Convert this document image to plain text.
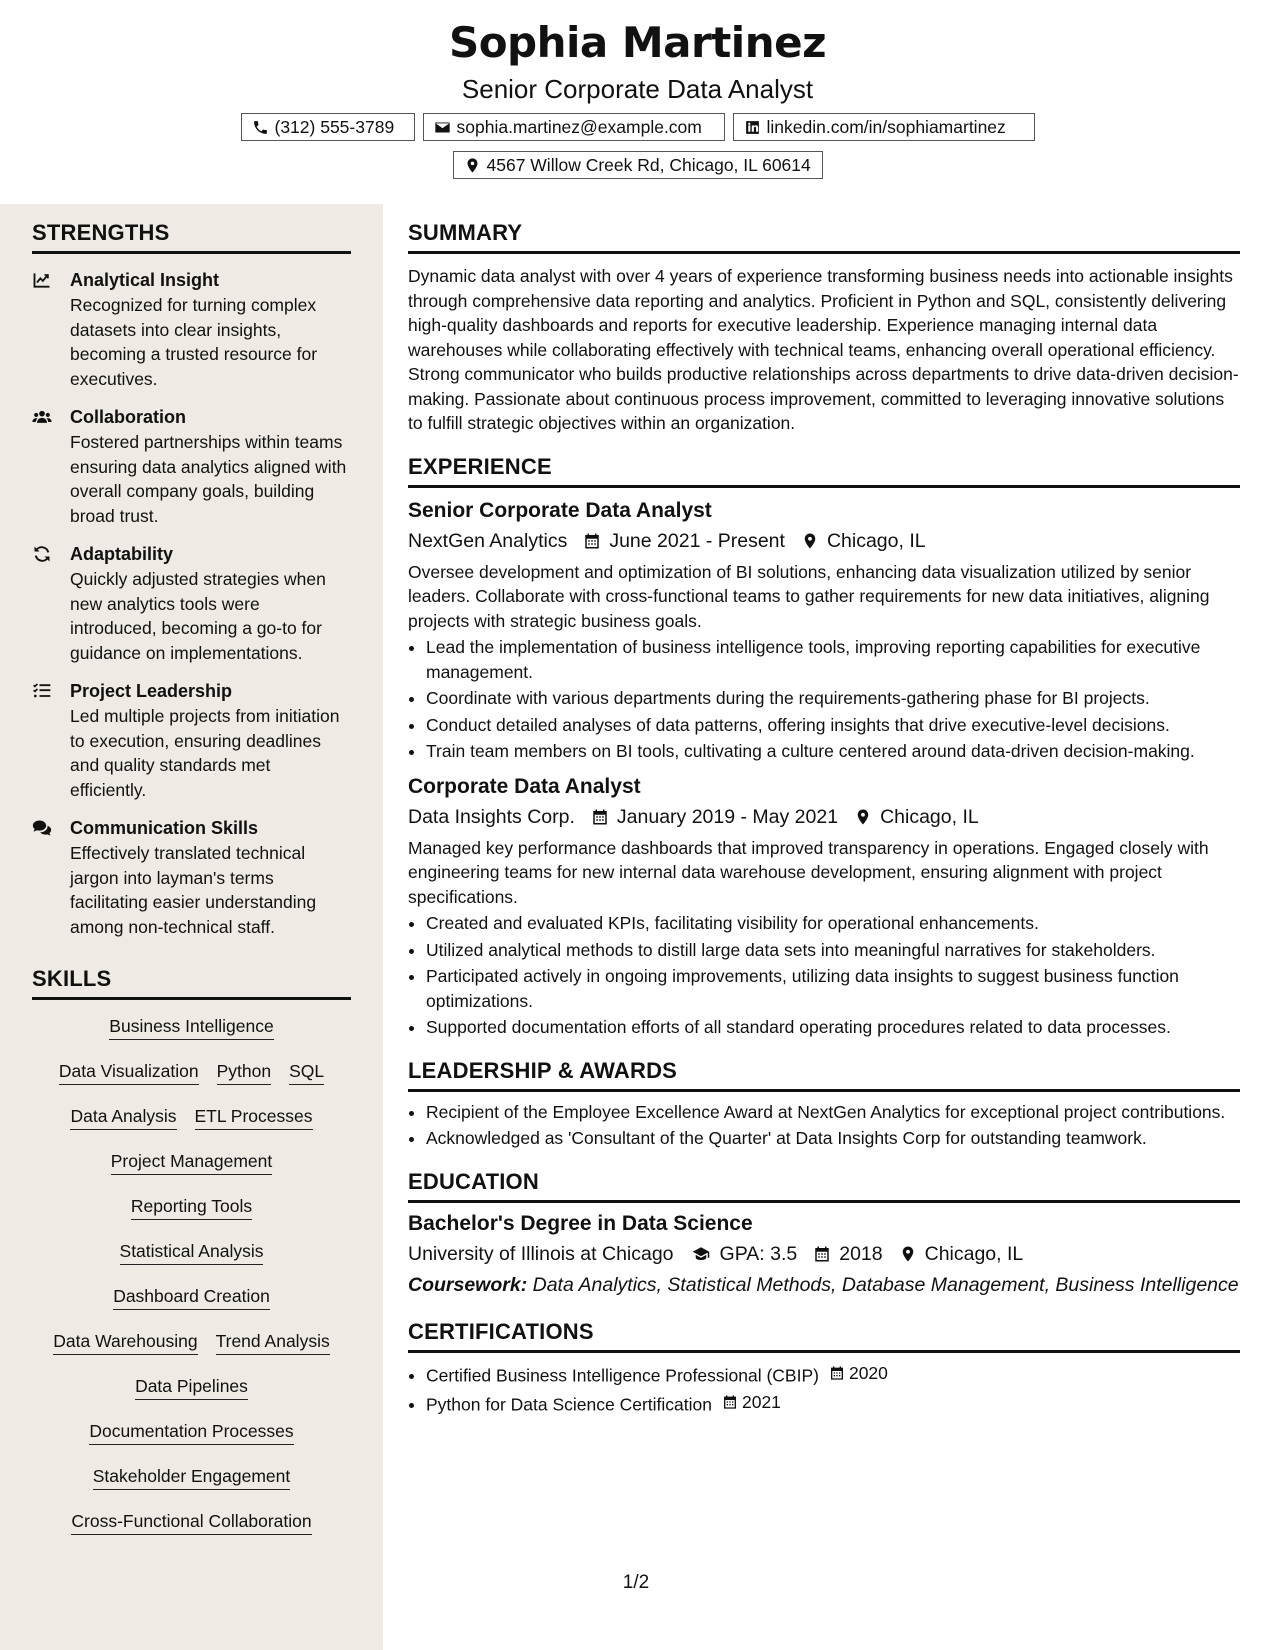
Sophia Martinez
Senior Corporate Data Analyst
(312) 555-3789	sophia.martinez@example.com	linkedin.com/in/sophiamartinez
4567 Willow Creek Rd, Chicago, IL 60614
STRENGTHS
Analytical Insight
Recognized for turning complex datasets into clear insights, becoming a trusted resource for executives.
Collaboration
Fostered partnerships within teams ensuring data analytics aligned with overall company goals, building broad trust.
Adaptability
Quickly adjusted strategies when new analytics tools were introduced, becoming a go-to for guidance on implementations.
Project Leadership
Led multiple projects from initiation to execution, ensuring deadlines and quality standards met efficiently.
Communication Skills
Effectively translated technical jargon into layman's terms facilitating easier understanding among non-technical staff.
SKILLS
Business Intelligence
Data Visualization Python SQL
Data Analysis ETL Processes
Project Management
Reporting Tools
Statistical Analysis
Dashboard Creation
Data Warehousing Trend Analysis
Data Pipelines
Documentation Processes
Stakeholder Engagement
Cross-Functional Collaboration
SUMMARY
Dynamic data analyst with over 4 years of experience transforming business needs into actionable insights through comprehensive data reporting and analytics. Proficient in Python and SQL, consistently delivering high-quality dashboards and reports for executive leadership. Experience managing internal data warehouses while collaborating effectively with technical teams, enhancing overall operational efficiency. Strong communicator who builds productive relationships across departments to drive data-driven decision-making. Passionate about continuous process improvement, committed to leveraging innovative solutions to fulfill strategic objectives within an organization.
EXPERIENCE
Senior Corporate Data Analyst
NextGen Analytics June 2021 - Present Chicago, IL
Oversee development and optimization of BI solutions, enhancing data visualization utilized by senior leaders. Collaborate with cross-functional teams to gather requirements for new data initiatives, aligning projects with strategic business goals.
• Lead the implementation of business intelligence tools, improving reporting capabilities for executive management.
• Coordinate with various departments during the requirements-gathering phase for BI projects.
• Conduct detailed analyses of data patterns, offering insights that drive executive-level decisions.
• Train team members on BI tools, cultivating a culture centered around data-driven decision-making.
Corporate Data Analyst
Data Insights Corp. January 2019 - May 2021 Chicago, IL
Managed key performance dashboards that improved transparency in operations. Engaged closely with engineering teams for new internal data warehouse development, ensuring alignment with project specifications.
• Created and evaluated KPIs, facilitating visibility for operational enhancements.
• Utilized analytical methods to distill large data sets into meaningful narratives for stakeholders.
• Participated actively in ongoing improvements, utilizing data insights to suggest business function optimizations.
• Supported documentation efforts of all standard operating procedures related to data processes.
LEADERSHIP & AWARDS
• Recipient of the Employee Excellence Award at NextGen Analytics for exceptional project contributions.
• Acknowledged as 'Consultant of the Quarter' at Data Insights Corp for outstanding teamwork.
EDUCATION
Bachelor's Degree in Data Science
University of Illinois at Chicago GPA: 3.5 2018 Chicago, IL
Coursework: Data Analytics, Statistical Methods, Database Management, Business Intelligence
CERTIFICATIONS
• Certified Business Intelligence Professional (CBIP) 2020
• Python for Data Science Certification 2021
1/2
